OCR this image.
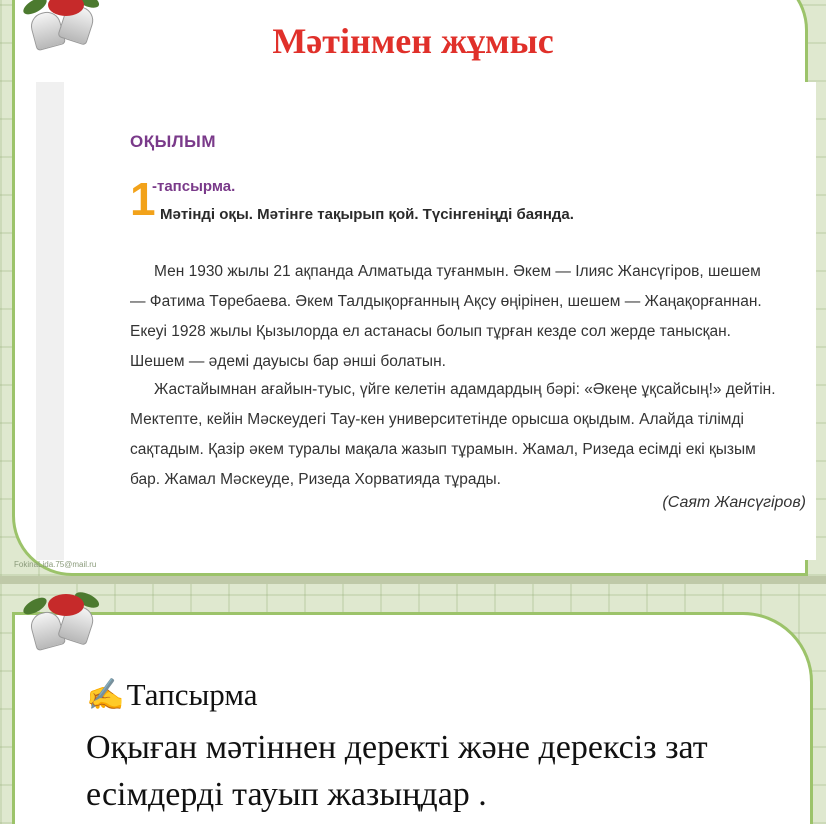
Мәтінмен жұмыс
ОҚЫЛЫМ
1
-тапсырма.
Мәтінді оқы. Мәтінге тақырып қой. Түсінгеніңді баянда.
Мен 1930 жылы 21 ақпанда Алматыда туғанмын. Әкем — Ілияс Жансүгіров, шешем — Фатима Төребаева. Әкем Талдықорғанның Ақсу өңірінен, шешем — Жаңақорғаннан. Екеуі 1928 жылы Қызылорда ел астанасы болып тұрған кезде сол жерде танысқан. Шешем — әдемі дауысы бар әнші болатын.
Жастайымнан ағайын-туыс, үйге келетін адамдардың бәрі: «Әкеңе ұқсайсың!» дейтін. Мектепте, кейін Мәскеудегі Тау-кен университетінде орысша оқыдым. Алайда тілімді сақтадым. Қазір әкем туралы мақала жазып тұрамын. Жамал, Ризеда есімді екі қызым бар. Жамал Мәскеуде, Ризеда Хорватияда тұрады.
(Саят Жансүгіров)
FokinaLida.75@mail.ru
✍Тапсырма
Оқыған мәтіннен деректі және дерексіз зат есімдерді тауып жазыңдар .
